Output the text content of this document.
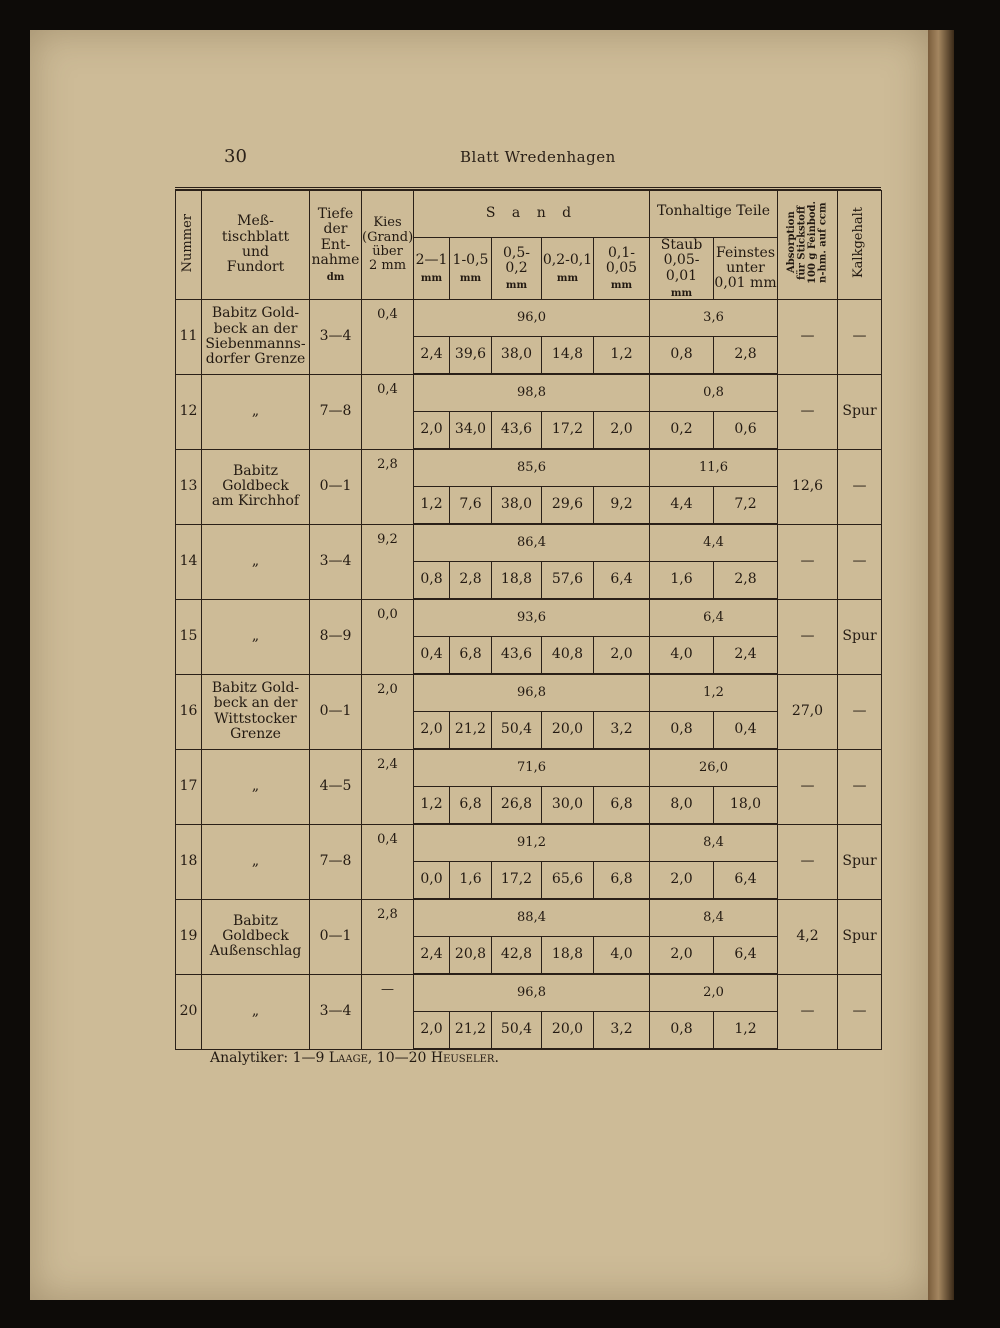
30	Blatt Wredenhagen
Nummer	Meß-
tischblatt
und
Fundort	Tiefe
der
Ent-
nahme
dm	Kies
(Grand)
über
2 mm	S a n d					Tonhaltige Teile		Absorption
für Stickstoff
100 g Feinbod.
n-hm. auf ccm	Kalkgehalt
				2—1
mm	1-0,5
mm	0,5-0,2
mm	0,2-0,1
mm	0,1-0,05
mm	Staub
0,05-0,01
mm	Feinstes
unter
0,01 mm		
11	Babitz Gold-
beck an der
Siebenmanns-
dorfer Grenze	3—4	0,4	96,0					3,6		—	—
				2,4	39,6	38,0	14,8	1,2	0,8	2,8		
12	„	7—8	0,4	98,8					0,8		—	Spur
				2,0	34,0	43,6	17,2	2,0	0,2	0,6		
13	Babitz
Goldbeck
am Kirchhof	0—1	2,8	85,6					11,6		12,6	—
				1,2	7,6	38,0	29,6	9,2	4,4	7,2		
14	„	3—4	9,2	86,4					4,4		—	—
				0,8	2,8	18,8	57,6	6,4	1,6	2,8		
15	„	8—9	0,0	93,6					6,4		—	Spur
				0,4	6,8	43,6	40,8	2,0	4,0	2,4		
16	Babitz Gold-
beck an der
Wittstocker
Grenze	0—1	2,0	96,8					1,2		27,0	—
				2,0	21,2	50,4	20,0	3,2	0,8	0,4		
17	„	4—5	2,4	71,6					26,0		—	—
				1,2	6,8	26,8	30,0	6,8	8,0	18,0		
18	„	7—8	0,4	91,2					8,4		—	Spur
				0,0	1,6	17,2	65,6	6,8	2,0	6,4		
19	Babitz
Goldbeck
Außenschlag	0—1	2,8	88,4					8,4		4,2	Spur
				2,4	20,8	42,8	18,8	4,0	2,0	6,4		
20	„	3—4	—	96,8					2,0		—	—
				2,0	21,2	50,4	20,0	3,2	0,8	1,2		
Analytiker: 1—9 Laage, 10—20 Heuseler.
